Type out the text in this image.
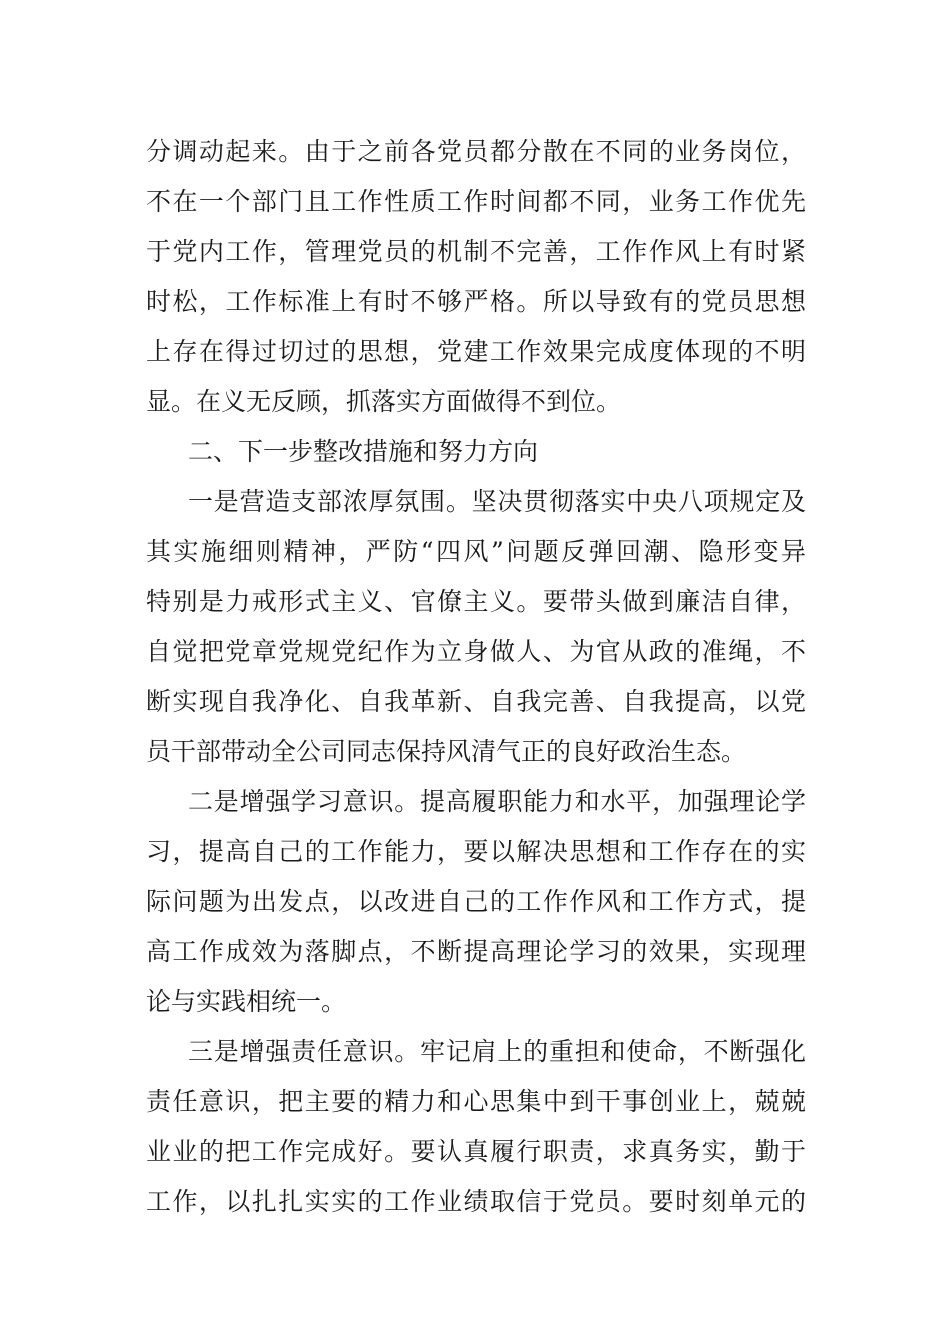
分调动起来。由于之前各党员都分散在不同的业务岗位，
不在一个部门且工作性质工作时间都不同，业务工作优先
于党内工作，管理党员的机制不完善，工作作风上有时紧
时松，工作标准上有时不够严格。所以导致有的党员思想
上存在得过切过的思想，党建工作效果完成度体现的不明
显。在义无反顾，抓落实方面做得不到位。
二、下一步整改措施和努力方向
一是营造支部浓厚氛围。坚决贯彻落实中央八项规定及
其实施细则精神，严防“四风”问题反弹回潮、隐形变异
特别是力戒形式主义、官僚主义。要带头做到廉洁自律，
自觉把党章党规党纪作为立身做人、为官从政的准绳，不
断实现自我净化、自我革新、自我完善、自我提高，以党
员干部带动全公司同志保持风清气正的良好政治生态。
二是增强学习意识。提高履职能力和水平，加强理论学
习，提高自己的工作能力，要以解决思想和工作存在的实
际问题为出发点，以改进自己的工作作风和工作方式，提
高工作成效为落脚点，不断提高理论学习的效果，实现理
论与实践相统一。
三是增强责任意识。牢记肩上的重担和使命，不断强化
责任意识，把主要的精力和心思集中到干事创业上，兢兢
业业的把工作完成好。要认真履行职责，求真务实，勤于
工作，以扎扎实实的工作业绩取信于党员。要时刻单元的
